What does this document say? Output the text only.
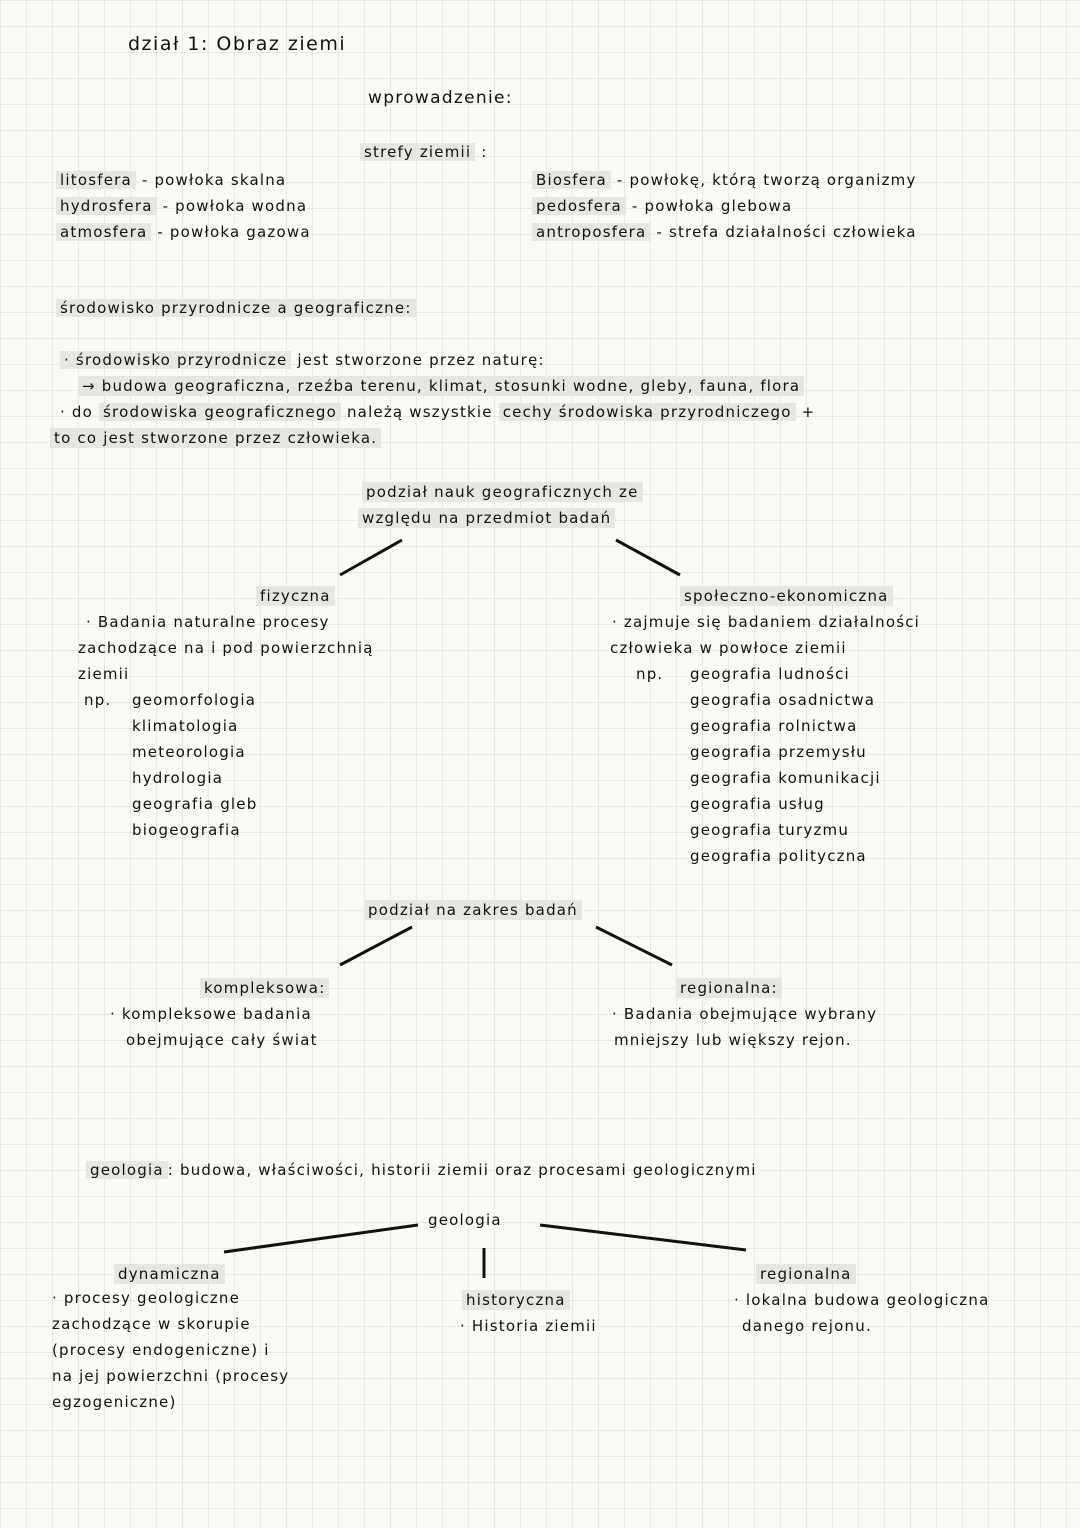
dział 1: Obraz ziemi
wprowadzenie:
strefy ziemii :
litosfera - powłoka skalna
hydrosfera - powłoka wodna
atmosfera - powłoka gazowa
Biosfera - powłokę, którą tworzą organizmy
pedosfera - powłoka glebowa
antroposfera - strefa działalności człowieka
środowisko przyrodnicze a geograficzne:
· środowisko przyrodnicze jest stworzone przez naturę:
→ budowa geograficzna, rzeźba terenu, klimat, stosunki wodne, gleby, fauna, flora
· do środowiska geograficznego należą wszystkie cechy środowiska przyrodniczego +
to co jest stworzone przez człowieka.
podział nauk geograficznych ze
względu na przedmiot badań
fizyczna
· Badania naturalne procesy
zachodzące na i pod powierzchnią
ziemii
np. geomorfologia
klimatologia
meteorologia
hydrologia
geografia gleb
biogeografia
społeczno-ekonomiczna
· zajmuje się badaniem działalności
człowieka w powłoce ziemii
np. geografia ludności
geografia osadnictwa
geografia rolnictwa
geografia przemysłu
geografia komunikacji
geografia usług
geografia turyzmu
geografia polityczna
podział na zakres badań
kompleksowa:
· kompleksowe badania
obejmujące cały świat
regionalna:
· Badania obejmujące wybrany
mniejszy lub większy rejon.
geologia : budowa, właściwości, historii ziemii oraz procesami geologicznymi
geologia
dynamiczna
· procesy geologiczne
zachodzące w skorupie
(procesy endogeniczne) i
na jej powierzchni (procesy
egzogeniczne)
historyczna
· Historia ziemii
regionalna
· lokalna budowa geologiczna
danego rejonu.
